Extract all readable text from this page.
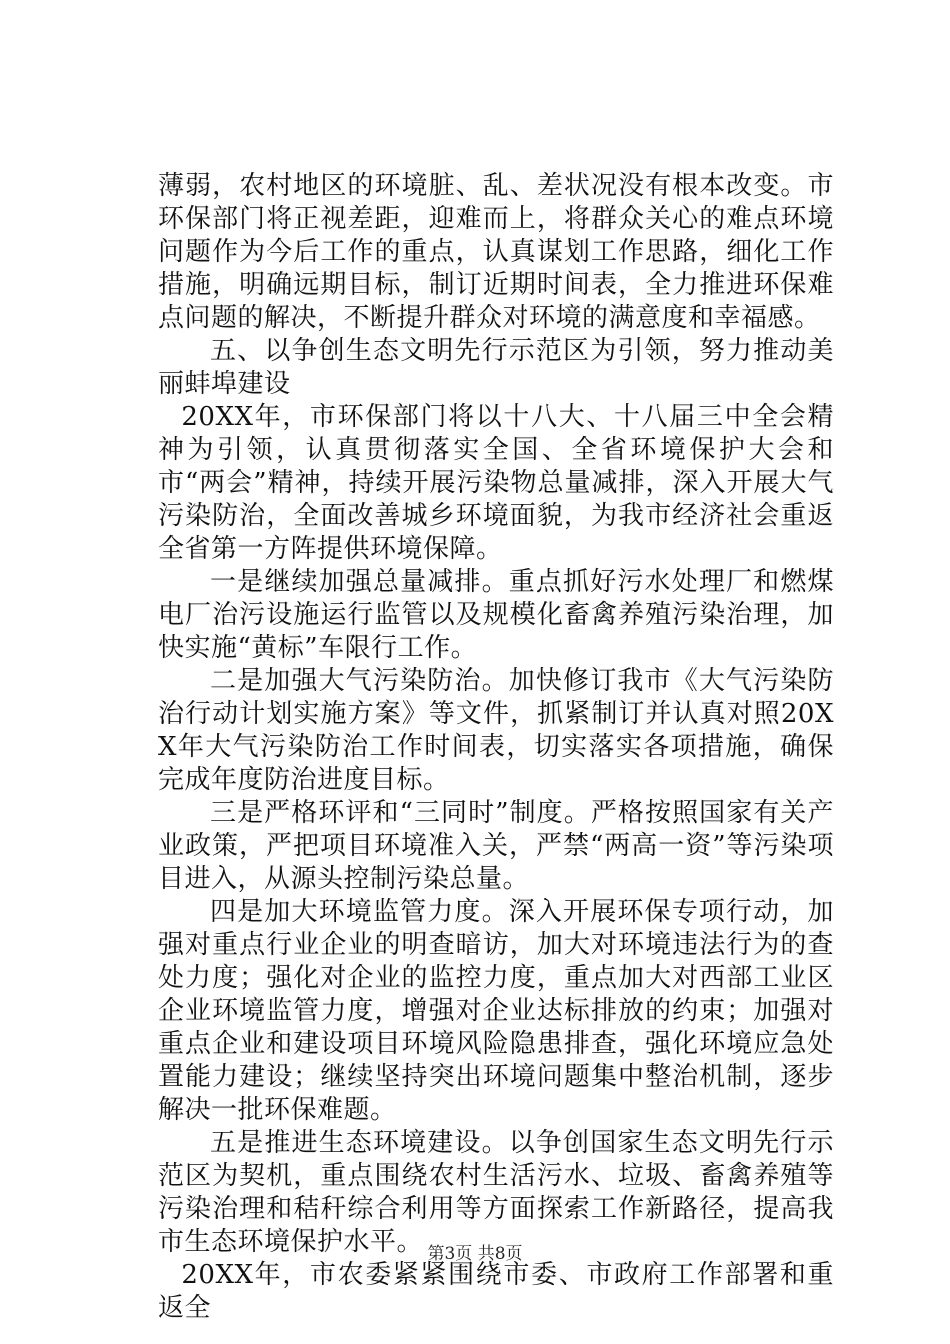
薄弱，农村地区的环境脏、乱、差状况没有根本改变。市环保部门将正视差距，迎难而上，将群众关心的难点环境问题作为今后工作的重点，认真谋划工作思路，细化工作措施，明确远期目标，制订近期时间表，全力推进环保难点问题的解决，不断提升群众对环境的满意度和幸福感。

五、以争创生态文明先行示范区为引领，努力推动美丽蚌埠建设

20XX年，市环保部门将以十八大、十八届三中全会精神为引领，认真贯彻落实全国、全省环境保护大会和市“两会”精神，持续开展污染物总量减排，深入开展大气污染防治，全面改善城乡环境面貌，为我市经济社会重返全省第一方阵提供环境保障。

一是继续加强总量减排。重点抓好污水处理厂和燃煤电厂治污设施运行监管以及规模化畜禽养殖污染治理，加快实施“黄标”车限行工作。

二是加强大气污染防治。加快修订我市《大气污染防治行动计划实施方案》等文件，抓紧制订并认真对照20XX年大气污染防治工作时间表，切实落实各项措施，确保完成年度防治进度目标。

三是严格环评和“三同时”制度。严格按照国家有关产业政策，严把项目环境准入关，严禁“两高一资”等污染项目进入，从源头控制污染总量。

四是加大环境监管力度。深入开展环保专项行动，加强对重点行业企业的明查暗访，加大对环境违法行为的查处力度；强化对企业的监控力度，重点加大对西部工业区企业环境监管力度，增强对企业达标排放的约束；加强对重点企业和建设项目环境风险隐患排查，强化环境应急处置能力建设；继续坚持突出环境问题集中整治机制，逐步解决一批环保难题。

五是推进生态环境建设。以争创国家生态文明先行示范区为契机，重点围绕农村生活污水、垃圾、畜禽养殖等污染治理和秸秆综合利用等方面探索工作新路径，提高我市生态环境保护水平。

20XX年，市农委紧紧围绕市委、市政府工作部署和重返全

第3页 共8页
